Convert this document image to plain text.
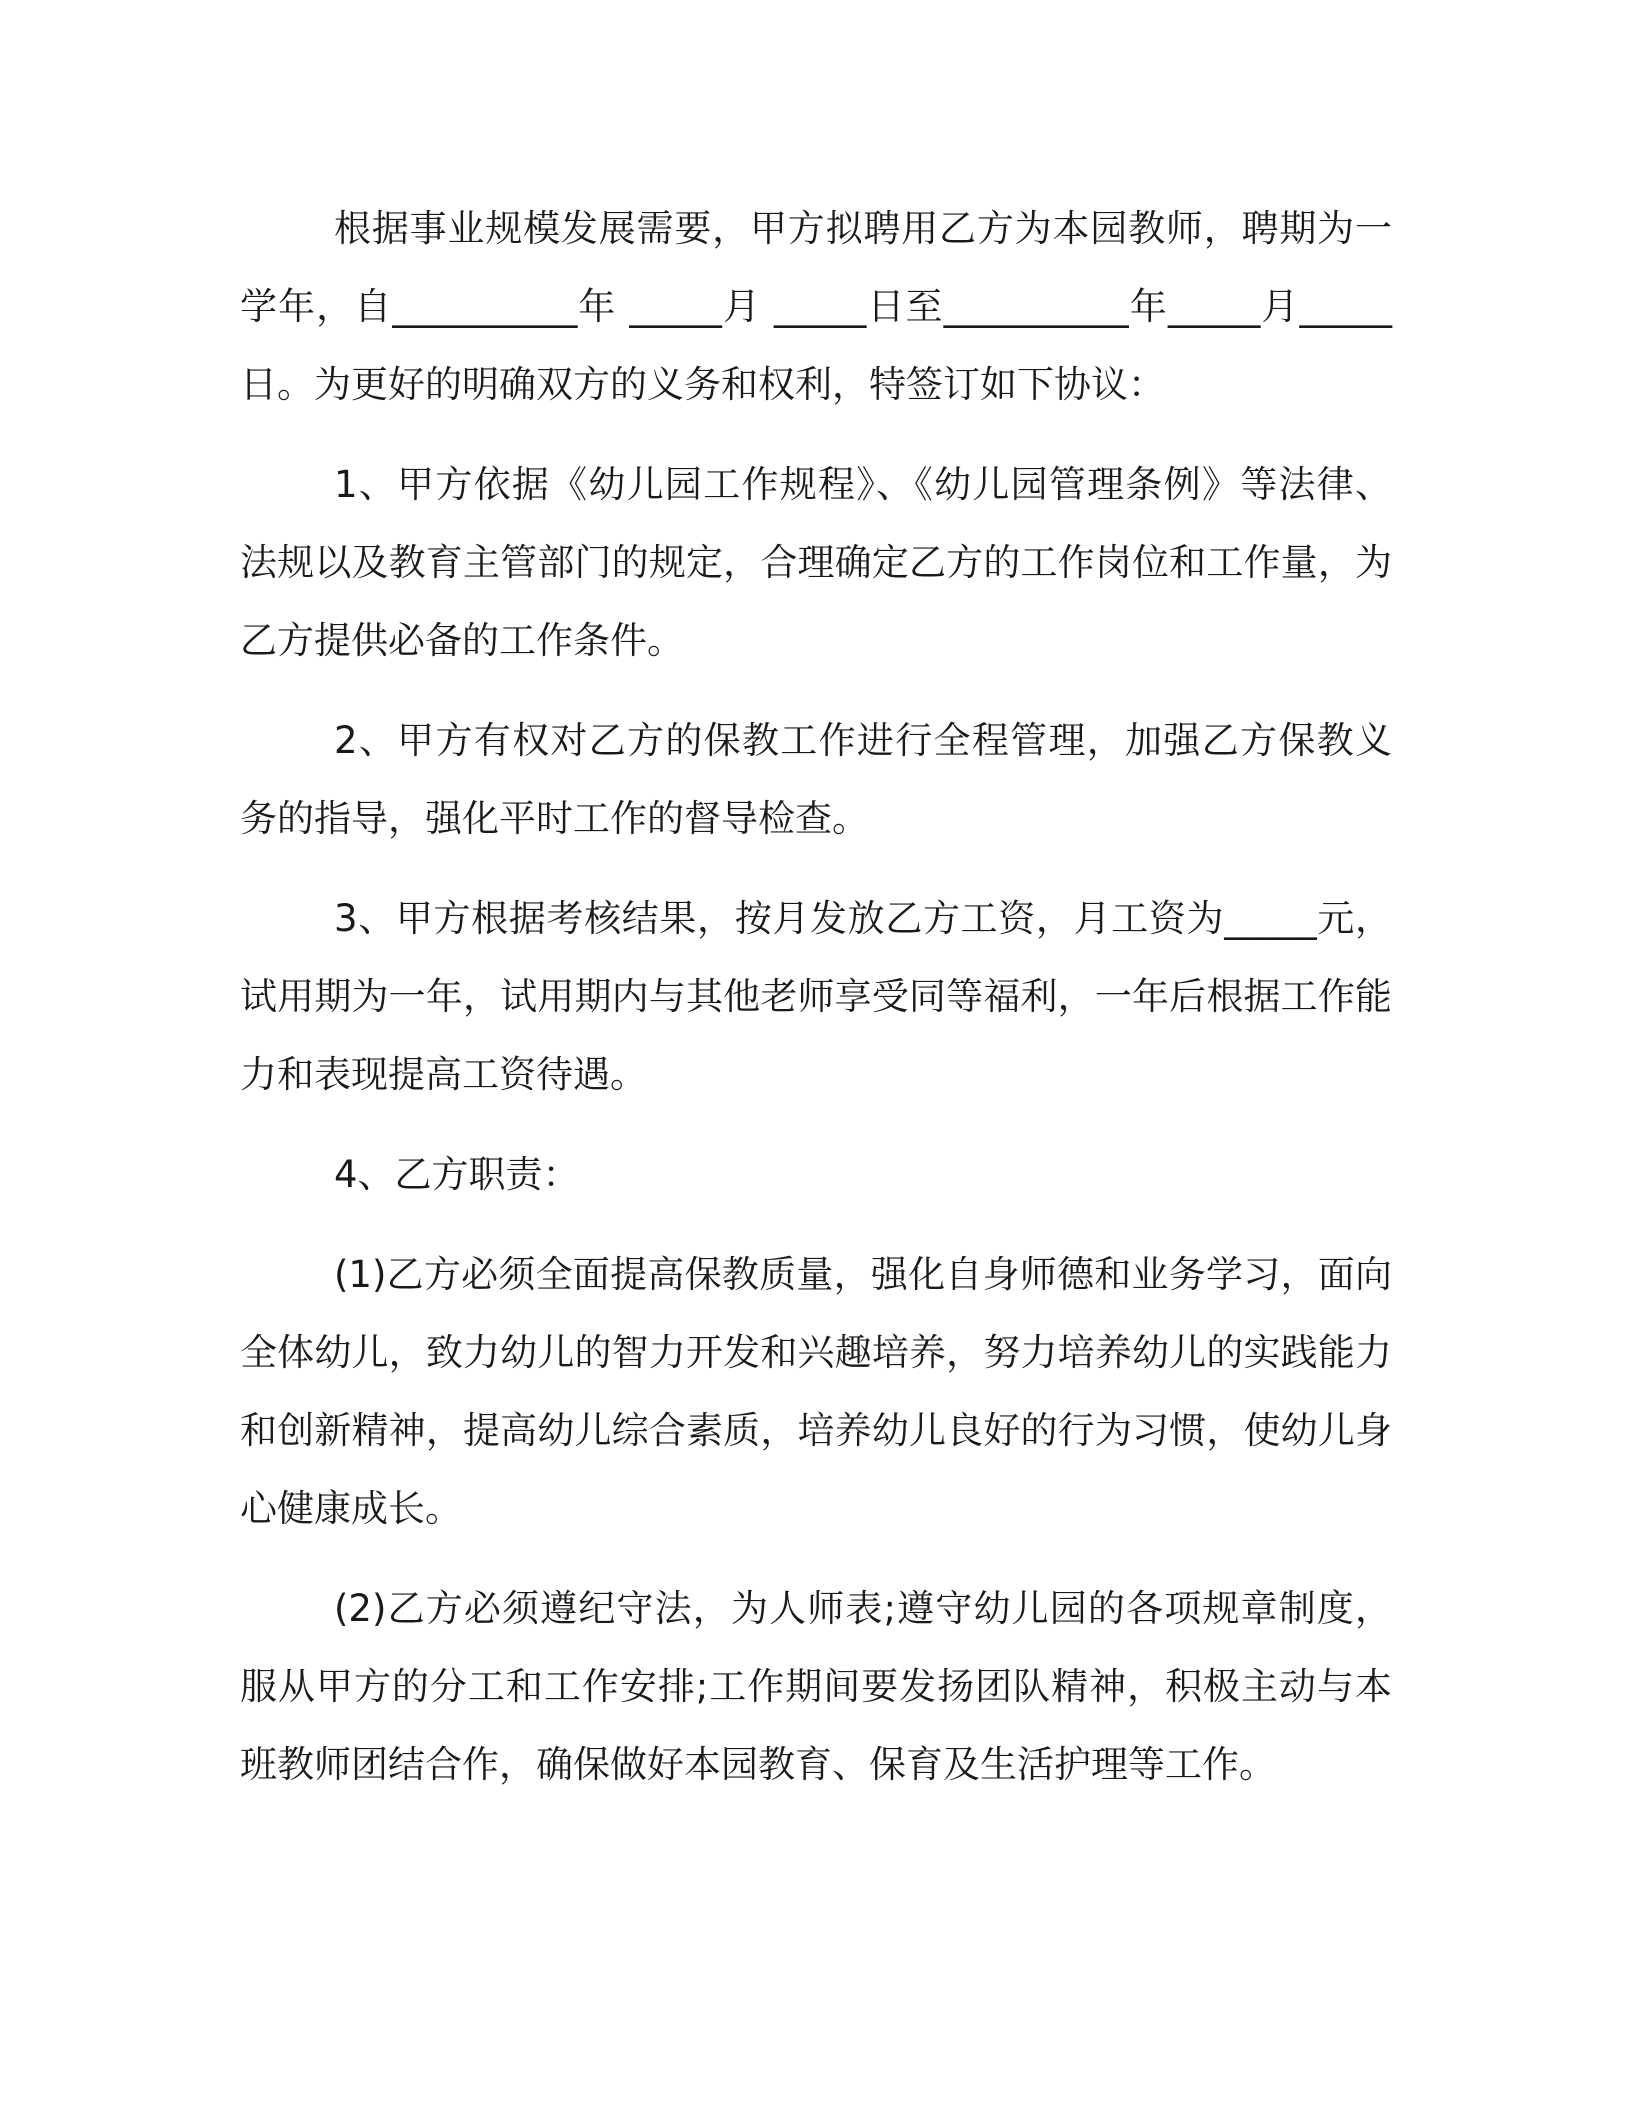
根据事业规模发展需要，甲方拟聘用乙方为本园教师，聘期为一学年，自__________年 _____月 _____日至__________年_____月_____日。为更好的明确双方的义务和权利，特签订如下协议：

1、甲方依据《幼儿园工作规程》、《幼儿园管理条例》等法律、法规以及教育主管部门的规定，合理确定乙方的工作岗位和工作量，为乙方提供必备的工作条件。

2、甲方有权对乙方的保教工作进行全程管理，加强乙方保教义务的指导，强化平时工作的督导检查。

3、甲方根据考核结果，按月发放乙方工资，月工资为_____元，试用期为一年，试用期内与其他老师享受同等福利，一年后根据工作能力和表现提高工资待遇。

4、乙方职责：

(1)乙方必须全面提高保教质量，强化自身师德和业务学习，面向全体幼儿，致力幼儿的智力开发和兴趣培养，努力培养幼儿的实践能力和创新精神，提高幼儿综合素质，培养幼儿良好的行为习惯，使幼儿身心健康成长。

(2)乙方必须遵纪守法，为人师表;遵守幼儿园的各项规章制度，服从甲方的分工和工作安排;工作期间要发扬团队精神，积极主动与本班教师团结合作，确保做好本园教育、保育及生活护理等工作。
